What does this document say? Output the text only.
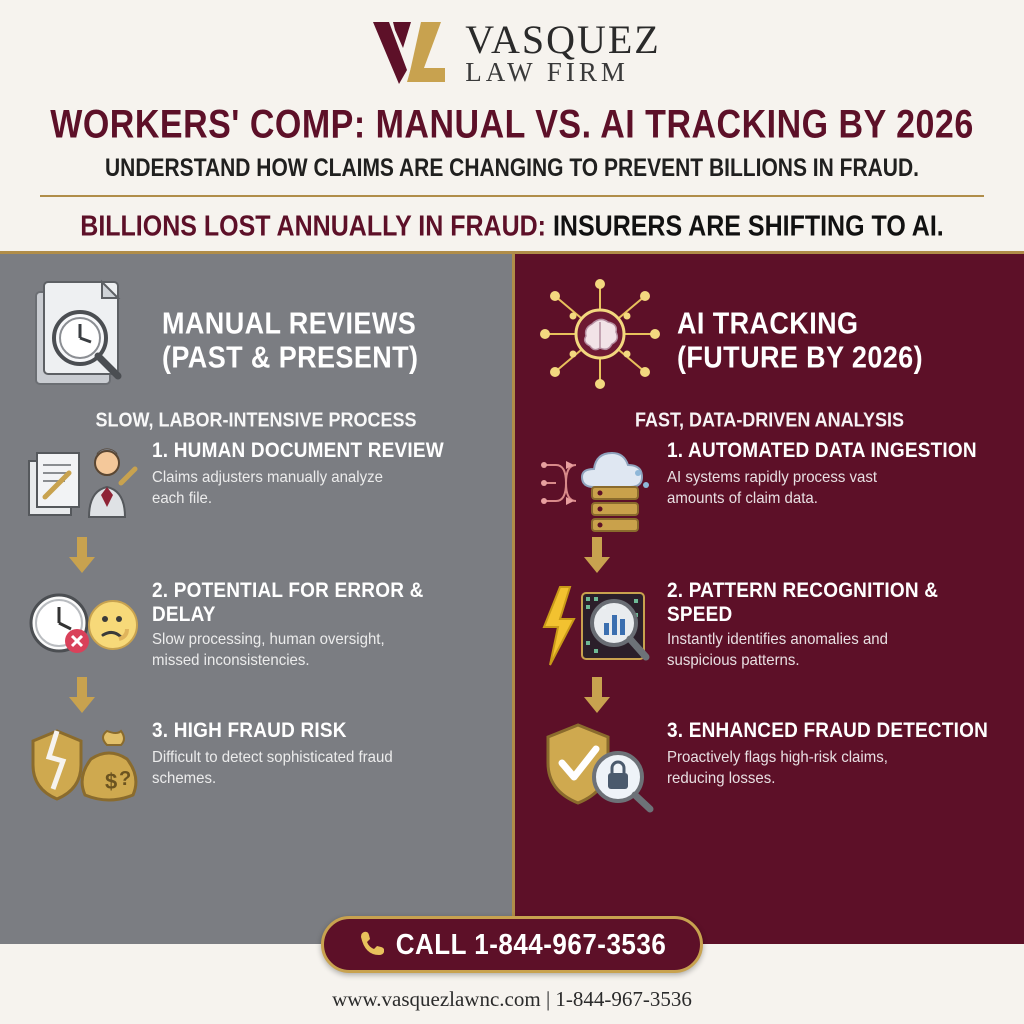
VASQUEZ
LAW FIRM
WORKERS' COMP: MANUAL VS. AI TRACKING BY 2026
UNDERSTAND HOW CLAIMS ARE CHANGING TO PREVENT BILLIONS IN FRAUD.
BILLIONS LOST ANNUALLY IN FRAUD: INSURERS ARE SHIFTING TO AI.
MANUAL REVIEWS
(PAST & PRESENT)
SLOW, LABOR-INTENSIVE PROCESS
1. HUMAN DOCUMENT REVIEW
Claims adjusters manually analyze each file.
2. POTENTIAL FOR ERROR & DELAY
Slow processing, human oversight, missed inconsistencies.
$ ?
3. HIGH FRAUD RISK
Difficult to detect sophisticated fraud schemes.
AI TRACKING
(FUTURE BY 2026)
FAST, DATA-DRIVEN ANALYSIS
1. AUTOMATED DATA INGESTION
AI systems rapidly process vast amounts of claim data.
2. PATTERN RECOGNITION & SPEED
Instantly identifies anomalies and suspicious patterns.
3. ENHANCED FRAUD DETECTION
Proactively flags high-risk claims, reducing losses.
CALL 1-844-967-3536
www.vasquezlawnc.com | 1-844-967-3536
